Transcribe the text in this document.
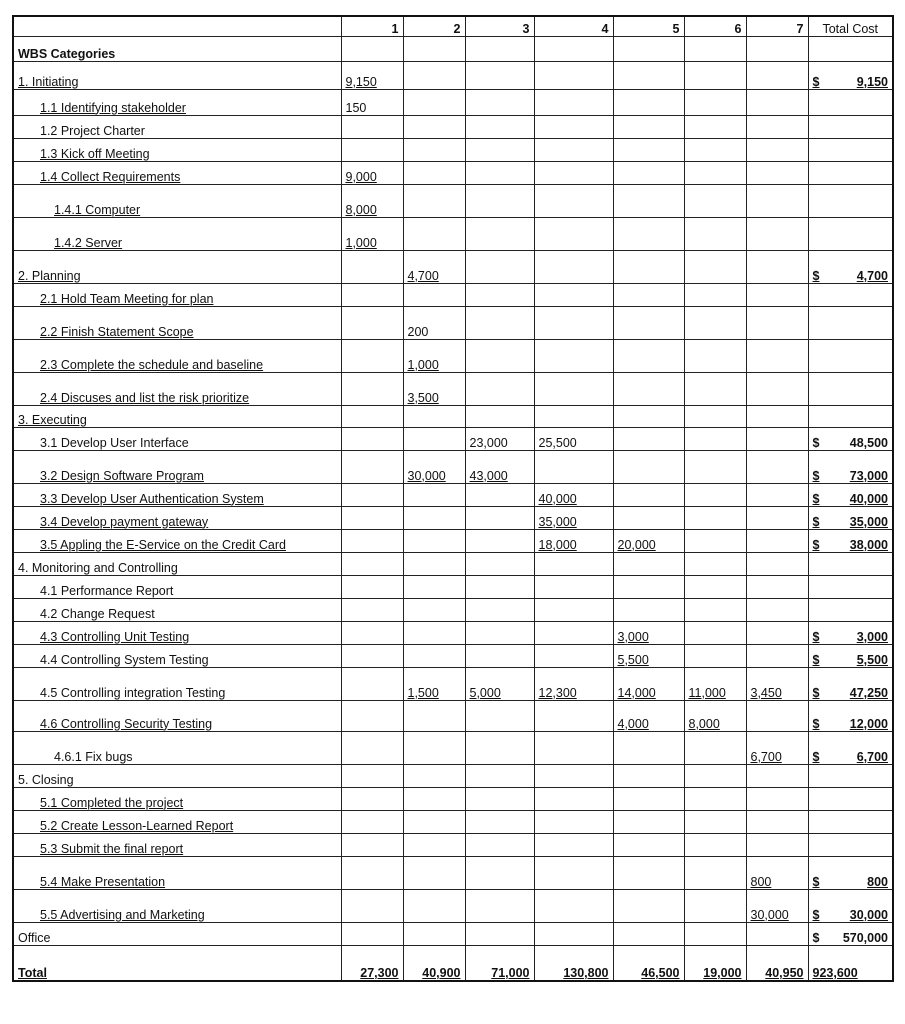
	1	2	3	4	5	6	7	Total Cost
WBS Categories								
1. Initiating	9,150							$ 9,150

1.1 Identifying stakeholder	150							

1.2 Project Charter								

1.3 Kick off Meeting								

1.4 Collect Requirements	9,000							

1.4.1 Computer	8,000							

1.4.2 Server	1,000							

2. Planning		4,700						$ 4,700

2.1 Hold Team Meeting for plan								

2.2 Finish Statement Scope		200						

2.3 Complete the schedule and baseline		1,000						

2.4 Discuses and list the risk prioritize		3,500						

3. Executing								

3.1 Develop User Interface			23,000	25,500				$ 48,500

3.2 Design Software Program		30,000	43,000					$ 73,000

3.3 Develop User Authentication System				40,000				$ 40,000

3.4 Develop payment gateway				35,000				$ 35,000

3.5 Appling the E-Service on the Credit Card				18,000	20,000			$ 38,000

4. Monitoring and Controlling								

4.1 Performance Report								

4.2 Change Request								

4.3 Controlling Unit Testing					3,000			$ 3,000

4.4 Controlling System Testing					5,500			$ 5,500

4.5 Controlling integration Testing		1,500	5,000	12,300	14,000	11,000	3,450	$ 47,250

4.6 Controlling Security Testing					4,000	8,000		$ 12,000

4.6.1 Fix bugs							6,700	$ 6,700

5. Closing								

5.1 Completed the project								

5.2 Create Lesson-Learned Report								

5.3 Submit the final report								

5.4 Make Presentation							800	$ 800

5.5 Advertising and Marketing							30,000	$ 30,000

Office								$ 570,000

Total	27,300	40,900	71,000	130,800	46,500	19,000	40,950	923,600
